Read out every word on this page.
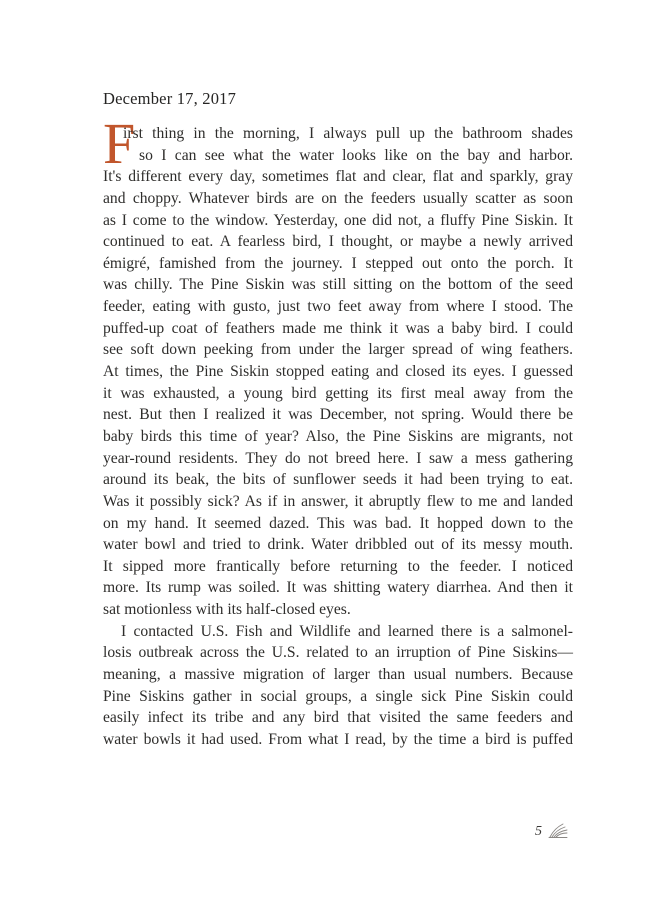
December 17, 2017
F

irst thing in the morning, I always pull up the bathroom shades
so I can see what the water looks like on the bay and harbor.
It's different every day, sometimes flat and clear, flat and sparkly, gray
and choppy. Whatever birds are on the feeders usually scatter as soon
as I come to the window. Yesterday, one did not, a fluffy Pine Siskin. It
continued to eat. A fearless bird, I thought, or maybe a newly arrived
émigré, famished from the journey. I stepped out onto the porch. It
was chilly. The Pine Siskin was still sitting on the bottom of the seed
feeder, eating with gusto, just two feet away from where I stood. The
puffed-up coat of feathers made me think it was a baby bird. I could
see soft down peeking from under the larger spread of wing feathers.
At times, the Pine Siskin stopped eating and closed its eyes. I guessed
it was exhausted, a young bird getting its first meal away from the
nest. But then I realized it was December, not spring. Would there be
baby birds this time of year? Also, the Pine Siskins are migrants, not
year-round residents. They do not breed here. I saw a mess gathering
around its beak, the bits of sunflower seeds it had been trying to eat.
Was it possibly sick? As if in answer, it abruptly flew to me and landed
on my hand. It seemed dazed. This was bad. It hopped down to the
water bowl and tried to drink. Water dribbled out of its messy mouth.
It sipped more frantically before returning to the feeder. I noticed
more. Its rump was soiled. It was shitting watery diarrhea. And then it
sat motionless with its half-closed eyes.

I contacted U.S. Fish and Wildlife and learned there is a salmonel-
losis outbreak across the U.S. related to an irruption of Pine Siskins—
meaning, a massive migration of larger than usual numbers. Because
Pine Siskins gather in social groups, a single sick Pine Siskin could
easily infect its tribe and any bird that visited the same feeders and
water bowls it had used. From what I read, by the time a bird is puffed

5
